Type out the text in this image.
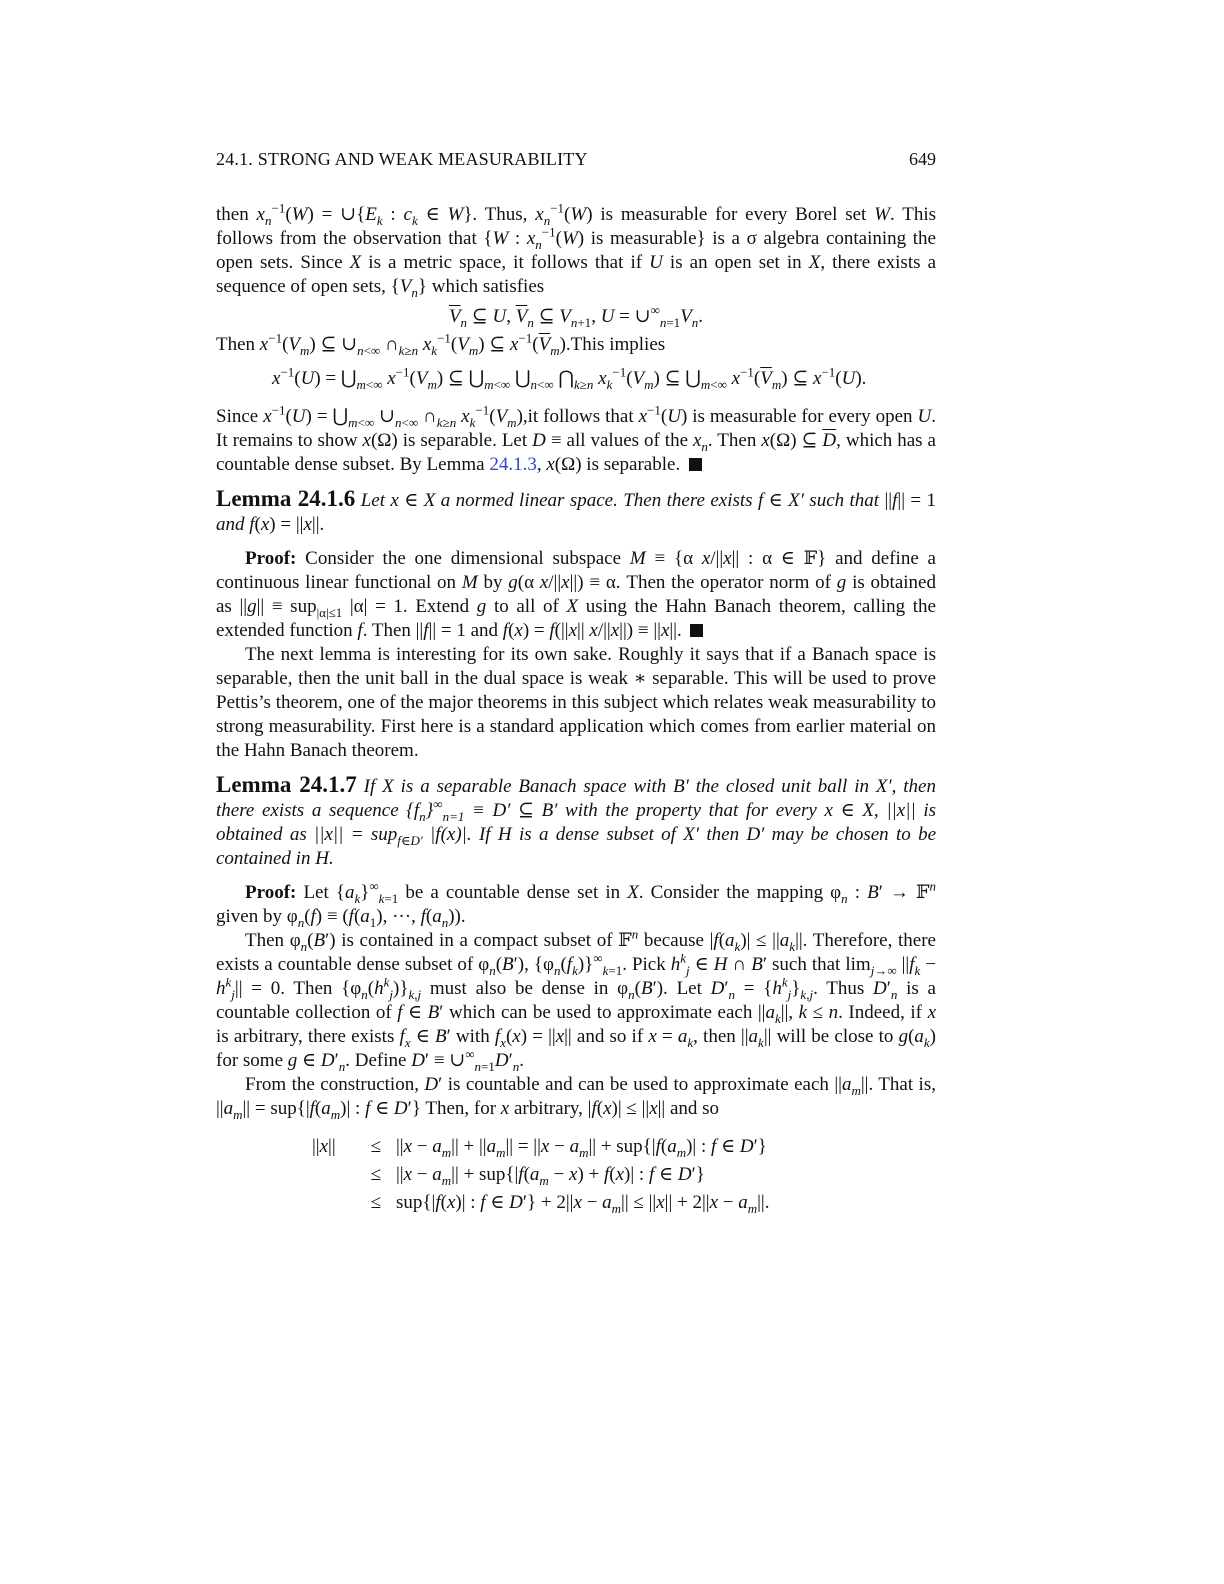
24.1. STRONG AND WEAK MEASURABILITY	649

then $x_n^{-1}(W)$ = $\cup\{E_k$ : $c_k$ ∈ W}. Thus, $x_n^{-1}(W)$ is measurable for every Borel set W. This follows from the observation that {W : $x_n^{-1}(W)$ is measurable} is a σ algebra containing the open sets. Since X is a metric space, it follows that if U is an open set in X, there exists a sequence of open sets, $\{V_n\}$ which satisfies

$\overline{V}_n$ ⊆ U, $\overline{V}_n$ ⊆ $V_{n+1}$, $U = \cup^\infty_{n=1}V_n$.

Then $x^{-1}(V_m)$ ⊆ $\cup_{n<\infty}$ $\cap_{k\ge n}$ $x_k^{-1}(V_m)$ ⊆ $x^{-1}(\overline{V}_m).This$ implies

$x^{-1}(U)$ = $⋃_{m<\infty}$ $x^{-1}(V_m)$ ⊆ $⋃_{m<\infty}$ $⋃_{n<\infty}$ $⋂_{k\ge n}$ $x_k^{-1}(V_m)$ ⊆ $⋃_{m<\infty}$ $x^{-1}(\overline{V}_m)$ ⊆ $x^{-1}(U)$.

Since $x^{-1}(U)$ = $⋃_{m<\infty}$ $\cup_{n<\infty}$ $\cap_{k\ge n}$ $x_k^{-1}(V_m),it$ follows that $x^{-1}(U)$ is measurable for every open U. It remains to show x(Ω) is separable. Let D ≡ all values of the $x_n$. Then x(Ω) ⊆ $\overline{D}$, which has a countable dense subset. By Lemma 24.1.3, x(Ω) is separable.

Lemma 24.1.6 Let x ∈ X a normed linear space. Then there exists f ∈ X′ such that ||f|| = 1 and f(x) = ||x||.

Proof: Consider the one dimensional subspace M ≡ {α x/||x|| : α ∈ 𝔽} and define a continuous linear functional on M by g(α x/||x||) ≡ α. Then the operator norm of g is obtained as ||g|| ≡ sup$_{|\alpha|\le 1}$ |α| = 1. Extend g to all of X using the Hahn Banach theorem, calling the extended function f. Then ||f|| = 1 and f(x) = f(||x|| x/||x||) ≡ ||x||.

The next lemma is interesting for its own sake. Roughly it says that if a Banach space is separable, then the unit ball in the dual space is weak ∗ separable. This will be used to prove Pettis’s theorem, one of the major theorems in this subject which relates weak measurability to strong measurability. First here is a standard application which comes from earlier material on the Hahn Banach theorem.

Lemma 24.1.7 If X is a separable Banach space with B′ the closed unit ball in X′, then there exists a sequence $\{f_n\}^\infty_{n=1} \equiv D'$ ⊆ B′ with the property that for every x ∈ X, ||x|| is obtained as ||x|| = sup$_{f\in D'}$ |f(x)|. If H is a dense subset of X′ then D′ may be chosen to be contained in H.

Proof: Let $\{a_k\}^\infty_{k=1}$ be a countable dense set in X. Consider the mapping $\varphi_n$ : B′ → 𝔽$^n$ given by $\varphi_n(f) \equiv (f(a_1)$, ···, $f(a_n)$).

Then $\varphi_n(B')$ is contained in a compact subset of 𝔽$^n$ because $|f(a_k)| \le ||a_k||$. Therefore, there exists a countable dense subset of $\varphi_n(B')$, $\{\varphi_n(f_k)\}^\infty_{k=1}$. Pick $h^k_j$ ∈ H ∩ B′ such that $\lim_{j\to\infty} ||f_k - h^k_j|| = 0$. Then $\{\varphi_n(h^k_j)\}_{k,j}$ must also be dense in $\varphi_n(B')$. Let $D'_n = \{h^k_j\}_{k,j}$. Thus $D'_n$ is a countable collection of f ∈ B′ which can be used to approximate each $||a_k||$, k ≤ n. Indeed, if x is arbitrary, there exists $f_x$ ∈ B′ with $f_x(x) = ||x||$ and so if $x = a_k$, then $||a_k||$ will be close to $g(a_k)$ for some g ∈ $D'_n$. Define $D' \equiv \cup^\infty_{n=1}D'_n$.

From the construction, D′ is countable and can be used to approximate each $||a_m||$. That is, $||a_m|| = sup\{|f(a_m)|$ : f ∈ D′} Then, for x arbitrary, |f(x)| ≤ ||x|| and so

$||x|| \le ||x - a_m|| + ||a_m|| = ||x - a_m|| + sup\{|f(a_m)|$ : f ∈ D′}
≤ $||x - a_m|| + sup\{|f(a_m - x) + f(x)|$ : f ∈ D′}
≤ sup{|f(x)| : f ∈ $D'\} + 2||x - a_m|| \le ||x|| + 2||x - a_m||$.
